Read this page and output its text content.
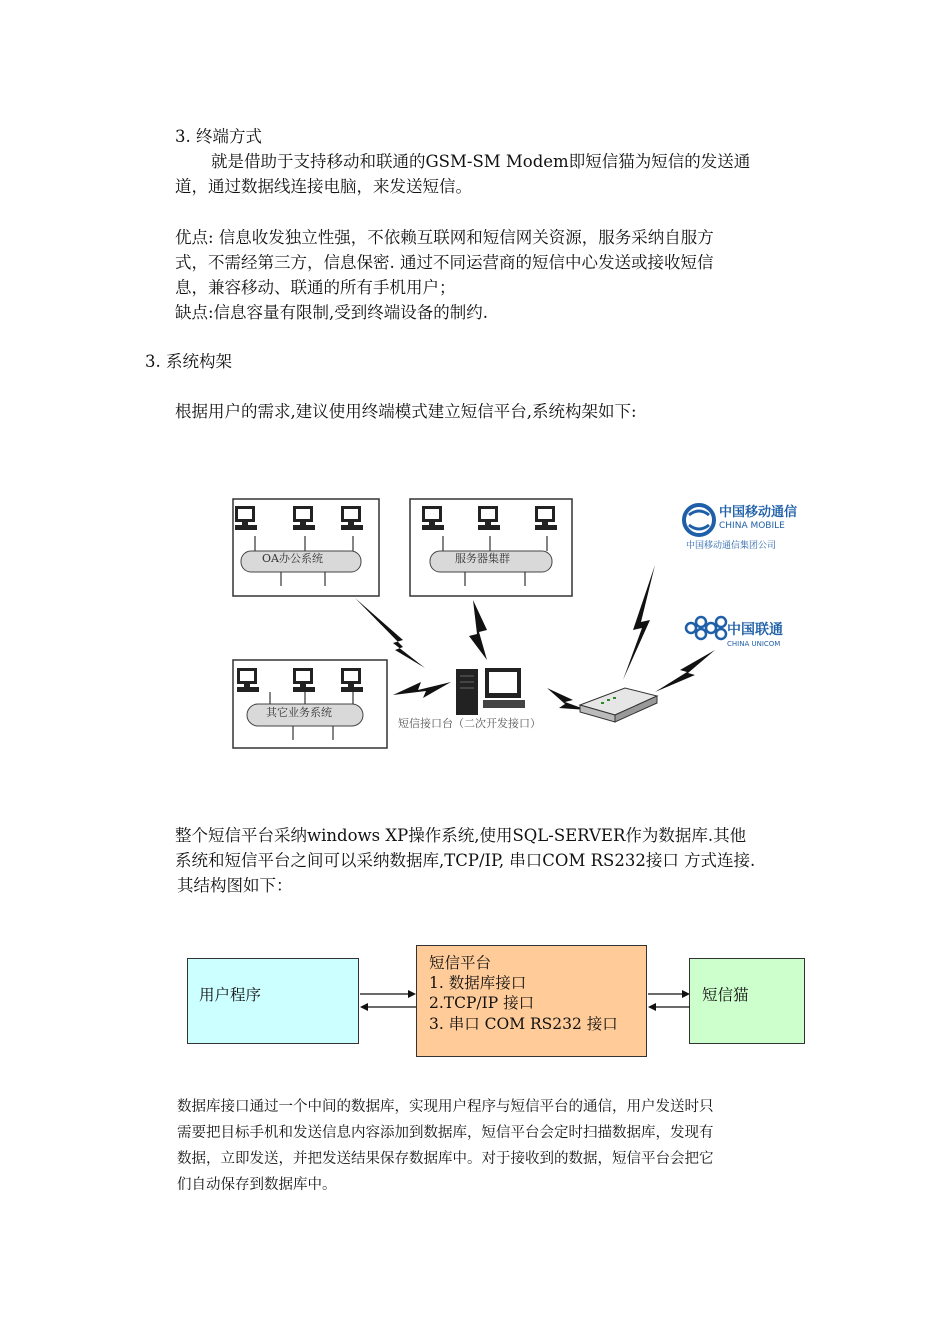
3. 终端方式
就是借助于支持移动和联通的GSM-SM Modem即短信猫为短信的发送通
道，通过数据线连接电脑，来发送短信。
优点: 信息收发独立性强，不依赖互联网和短信网关资源，服务采纳自服方
式，不需经第三方，信息保密. 通过不同运营商的短信中心发送或接收短信
息，兼容移动、联通的所有手机用户；
缺点:信息容量有限制,受到终端设备的制约.
3. 系统构架
根据用户的需求,建议使用终端模式建立短信平台,系统构架如下:
OA办公系统	服务器集群
其它业务系统
短信接口台（二次开发接口）
中国移动通信
CHINA MOBILE
中国移动通信集团公司
中国联通
CHINA UNICOM
整个短信平台采纳windows XP操作系统,使用SQL-SERVER作为数据库.其他
系统和短信平台之间可以采纳数据库,TCP/IP, 串口COM RS232接口 方式连接.
其结构图如下：
用户程序
短信平台
1. 数据库接口
2.TCP/IP 接口
3. 串口 COM RS232 接口
短信猫
数据库接口通过一个中间的数据库，实现用户程序与短信平台的通信，用户发送时只
需要把目标手机和发送信息内容添加到数据库，短信平台会定时扫描数据库，发现有
数据，立即发送，并把发送结果保存数据库中。对于接收到的数据，短信平台会把它
们自动保存到数据库中。
